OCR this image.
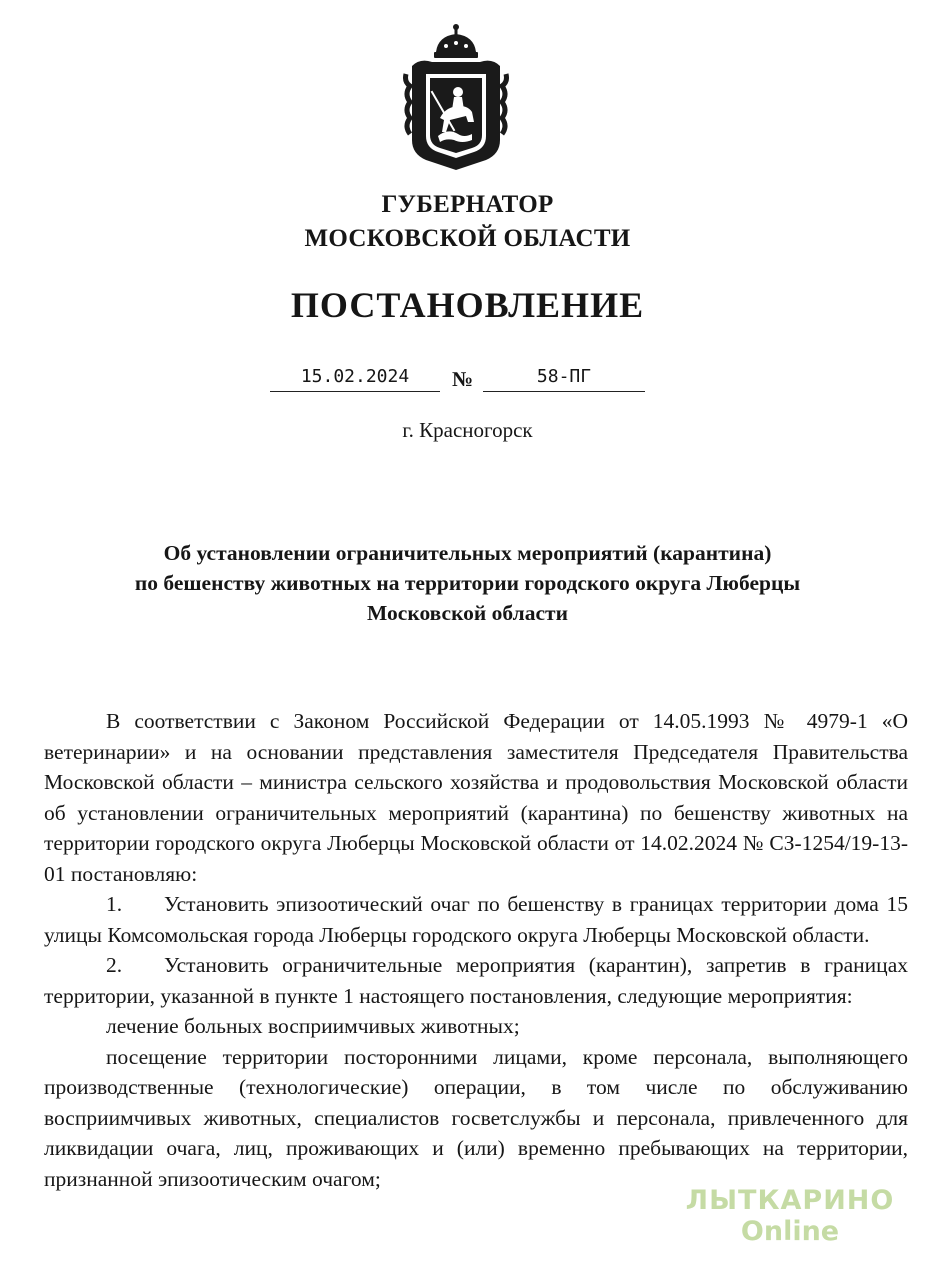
ГУБЕРНАТОР
МОСКОВСКОЙ ОБЛАСТИ
ПОСТАНОВЛЕНИЕ
15.02.2024	№	58-ПГ
г. Красногорск
Об установлении ограничительных мероприятий (карантина)
по бешенству животных на территории городского округа Люберцы
Московской области

В соответствии с Законом Российской Федерации от 14.05.1993 № 4979-1 «О ветеринарии» и на основании представления заместителя Председателя Правительства Московской области – министра сельского хозяйства и продовольствия Московской области об установлении ограничительных мероприятий (карантина) по бешенству животных на территории городского округа Люберцы Московской области от 14.02.2024 № СЗ-1254/19-13-01 постановляю:

1. Установить эпизоотический очаг по бешенству в границах территории дома 15 улицы Комсомольская города Люберцы городского округа Люберцы Московской области.

2. Установить ограничительные мероприятия (карантин), запретив в границах территории, указанной в пункте 1 настоящего постановления, следующие мероприятия:

лечение больных восприимчивых животных;

посещение территории посторонними лицами, кроме персонала, выполняющего производственные (технологические) операции, в том числе по обслуживанию восприимчивых животных, специалистов госветслужбы и персонала, привлеченного для ликвидации очага, лиц, проживающих и (или) временно пребывающих на территории, признанной эпизоотическим очагом;

ЛЫТКАРИНО
Online
